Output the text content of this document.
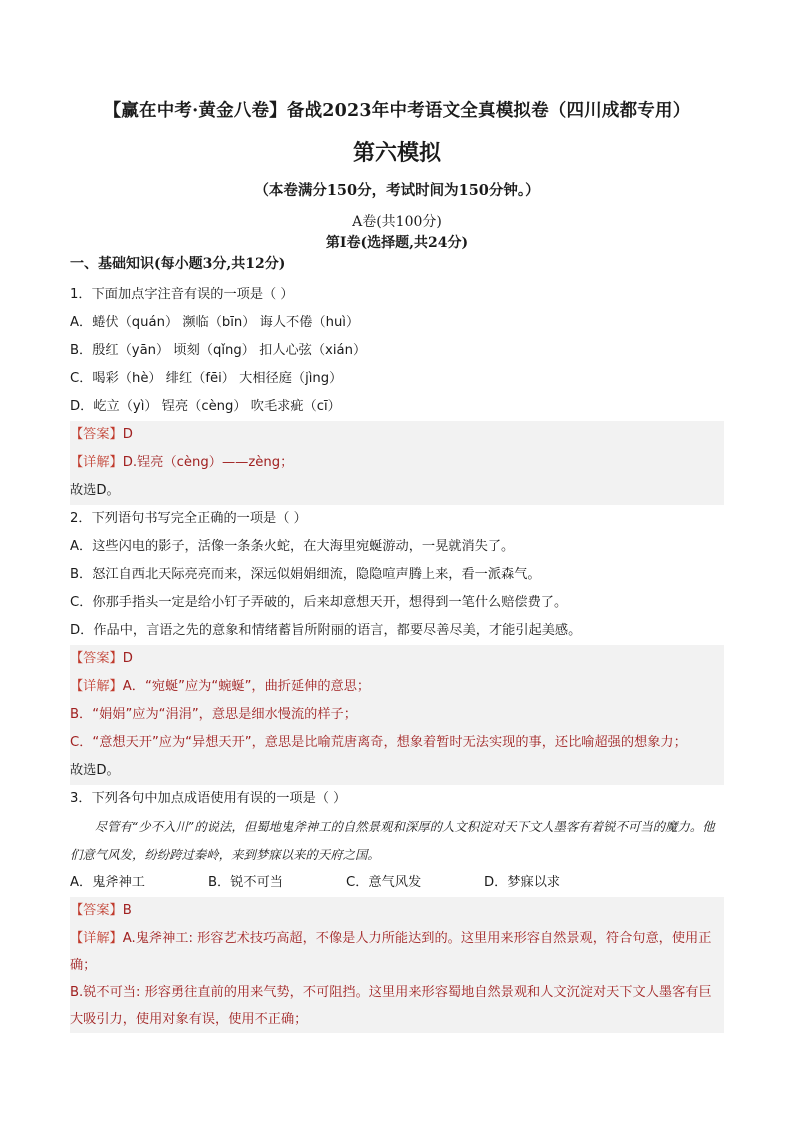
【赢在中考·黄金八卷】备战2023年中考语文全真模拟卷（四川成都专用）
第六模拟
（本卷满分150分，考试时间为150分钟。）
A卷(共100分)
第Ⅰ卷(选择题,共24分)
一、基础知识(每小题3分,共12分)
1．下面加点字注音有误的一项是（ ）
A．蜷伏（quán） 濒临（bīn） 诲人不倦（huì）
B．殷红（yān） 顷刻（qǐng） 扣人心弦（xián）
C．喝彩（hè） 绯红（fēi） 大相径庭（jìng）
D．屹立（yì） 锃亮（cèng） 吹毛求疵（cī）
【答案】D
【详解】D.锃亮（cèng）——zèng；
故选D。
2．下列语句书写完全正确的一项是（ ）
A．这些闪电的影子，活像一条条火蛇，在大海里宛蜒游动，一晃就消失了。
B．怒江自西北天际亮亮而来，深远似娟娟细流，隐隐喧声腾上来，看一派森气。
C．你那手指头一定是给小钉子弄破的，后来却意想天开，想得到一笔什么赔偿费了。
D．作品中，言语之先的意象和情绪蓄旨所附丽的语言，都要尽善尽美，才能引起美感。
【答案】D
【详解】A．“宛蜒”应为“蜿蜒”，曲折延伸的意思；
B．“娟娟”应为“涓涓”，意思是细水慢流的样子；
C．“意想天开”应为“异想天开”，意思是比喻荒唐离奇，想象着暂时无法实现的事，还比喻超强的想象力；
故选D。
3．下列各句中加点成语使用有误的一项是（ ）
尽管有“少不入川”的说法，但蜀地鬼斧神工的自然景观和深厚的人文积淀对天下文人墨客有着锐不可当的魔力。他们意气风发，纷纷跨过秦岭，来到梦寐以来的天府之国。
A．鬼斧神工	B．锐不可当	C．意气风发	D．梦寐以求
【答案】B
【详解】A.鬼斧神工: 形容艺术技巧高超，不像是人力所能达到的。这里用来形容自然景观，符合句意，使用正确；
B.锐不可当: 形容勇往直前的用来气势，不可阻挡。这里用来形容蜀地自然景观和人文沉淀对天下文人墨客有巨大吸引力，使用对象有误，使用不正确；
